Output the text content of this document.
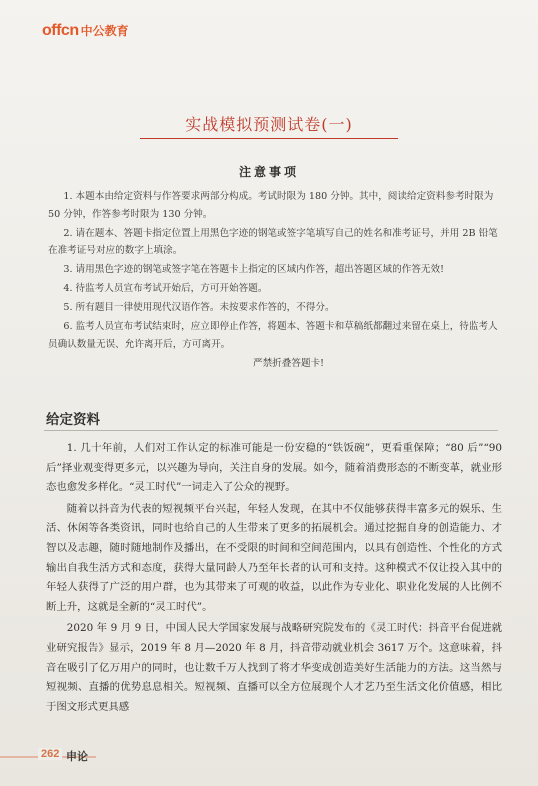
offcn 中公教育
实战模拟预测试卷(一)
注意事项

1. 本题本由给定资料与作答要求两部分构成。考试时限为 180 分钟。其中，阅读给定资料参考时限为 50 分钟，作答参考时限为 130 分钟。

2. 请在题本、答题卡指定位置上用黑色字迹的钢笔或签字笔填写自己的姓名和准考证号，并用 2B 铅笔在准考证号对应的数字上填涂。

3. 请用黑色字迹的钢笔或签字笔在答题卡上指定的区域内作答，超出答题区域的作答无效!

4. 待监考人员宣布考试开始后，方可开始答题。

5. 所有题目一律使用现代汉语作答。未按要求作答的，不得分。

6. 监考人员宣布考试结束时，应立即停止作答，将题本、答题卡和草稿纸都翻过来留在桌上，待监考人员确认数量无误、允许离开后，方可离开。

严禁折叠答题卡!

给定资料

1. 几十年前，人们对工作认定的标准可能是一份安稳的“铁饭碗”，更看重保障；“80 后”“90 后”择业观变得更多元，以兴趣为导向，关注自身的发展。如今，随着消费形态的不断变革，就业形态也愈发多样化。“灵工时代”一词走入了公众的视野。

随着以抖音为代表的短视频平台兴起，年轻人发现，在其中不仅能够获得丰富多元的娱乐、生活、休闲等各类资讯，同时也给自己的人生带来了更多的拓展机会。通过挖掘自身的创造能力、才智以及志趣，随时随地制作及播出，在不受限的时间和空间范围内，以具有创造性、个性化的方式输出自我生活方式和态度，获得大量同龄人乃至年长者的认可和支持。这种模式不仅让投入其中的年轻人获得了广泛的用户群，也为其带来了可观的收益，以此作为专业化、职业化发展的人比例不断上升，这就是全新的“灵工时代”。

2020 年 9 月 9 日，中国人民大学国家发展与战略研究院发布的《灵工时代：抖音平台促进就业研究报告》显示，2019 年 8 月—2020 年 8 月，抖音带动就业机会 3617 万个。这意味着，抖音在吸引了亿万用户的同时，也让数千万人找到了将才华变成创造美好生活能力的方法。这当然与短视频、直播的优势息息相关。短视频、直播可以全方位展现个人才艺乃至生活文化价值感，相比于图文形式更具感

262 申论
